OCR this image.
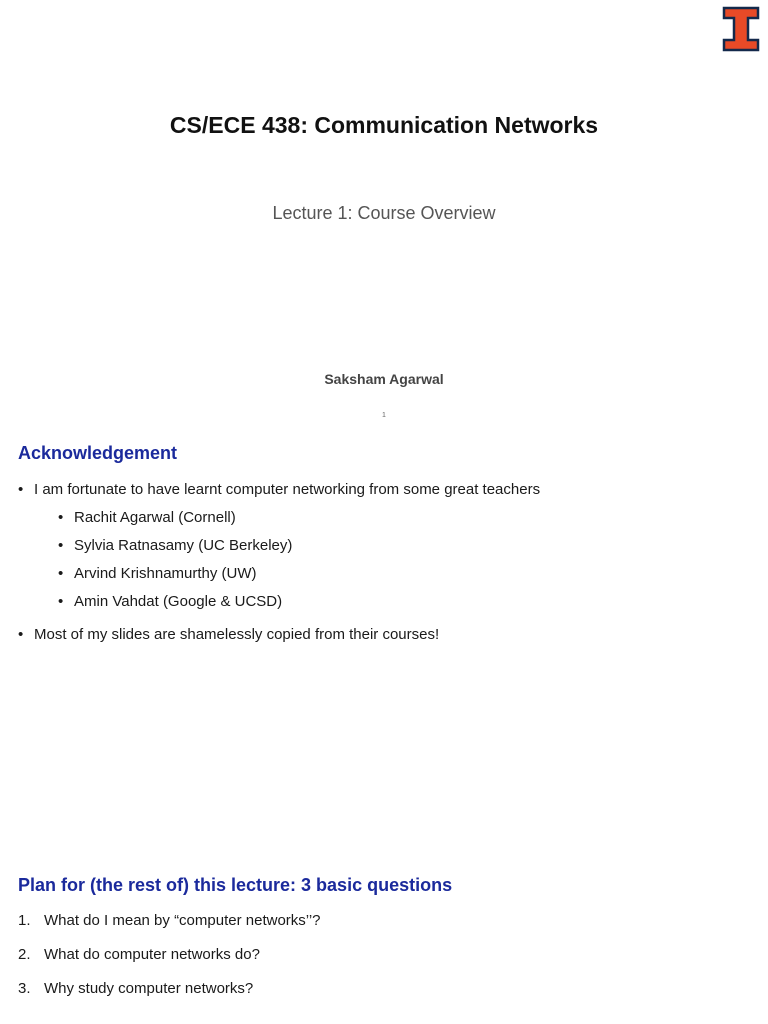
CS/ECE 438: Communication Networks
Lecture 1: Course Overview
Saksham Agarwal
1
Acknowledgement
• I am fortunate to have learnt computer networking from some great teachers
• Rachit Agarwal (Cornell)
• Sylvia Ratnasamy (UC Berkeley)
• Arvind Krishnamurthy (UW)
• Amin Vahdat (Google & UCSD)
• Most of my slides are shamelessly copied from their courses!
Plan for (the rest of) this lecture: 3 basic questions
1. What do I mean by “computer networks’’?
2. What do computer networks do?
3. Why study computer networks?
